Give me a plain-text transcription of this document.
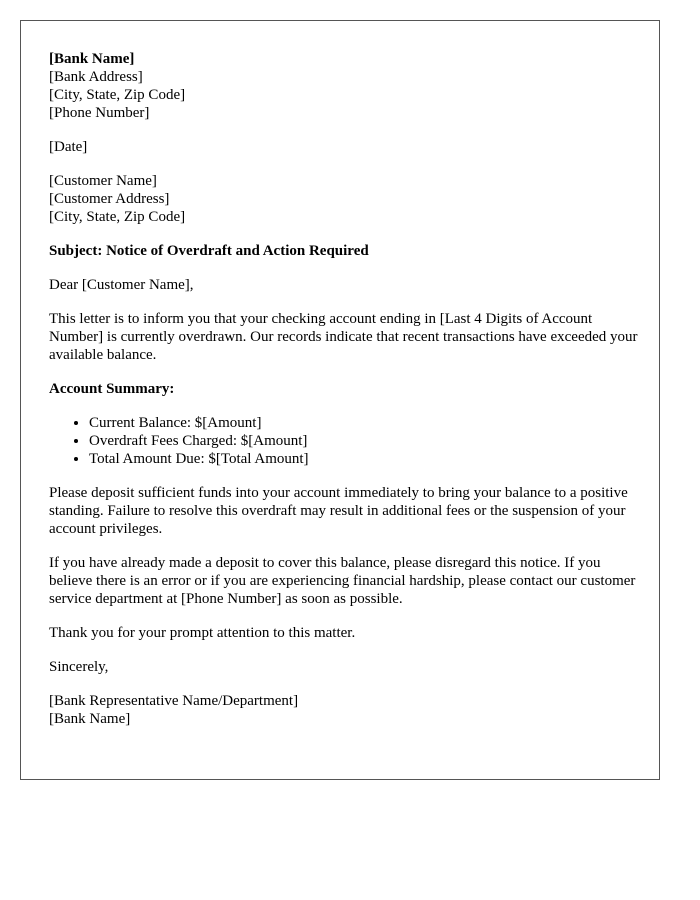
[Bank Name]
[Bank Address]
[City, State, Zip Code]
[Phone Number]
[Date]
[Customer Name]
[Customer Address]
[City, State, Zip Code]

Subject: Notice of Overdraft and Action Required

Dear [Customer Name],

This letter is to inform you that your checking account ending in [Last 4 Digits of Account Number] is currently overdrawn. Our records indicate that recent transactions have exceeded your available balance.

Account Summary:

• Current Balance: $[Amount]
• Overdraft Fees Charged: $[Amount]
• Total Amount Due: $[Total Amount]

Please deposit sufficient funds into your account immediately to bring your balance to a positive standing. Failure to resolve this overdraft may result in additional fees or the suspension of your account privileges.

If you have already made a deposit to cover this balance, please disregard this notice. If you believe there is an error or if you are experiencing financial hardship, please contact our customer service department at [Phone Number] as soon as possible.

Thank you for your prompt attention to this matter.

Sincerely,

[Bank Representative Name/Department]
[Bank Name]
